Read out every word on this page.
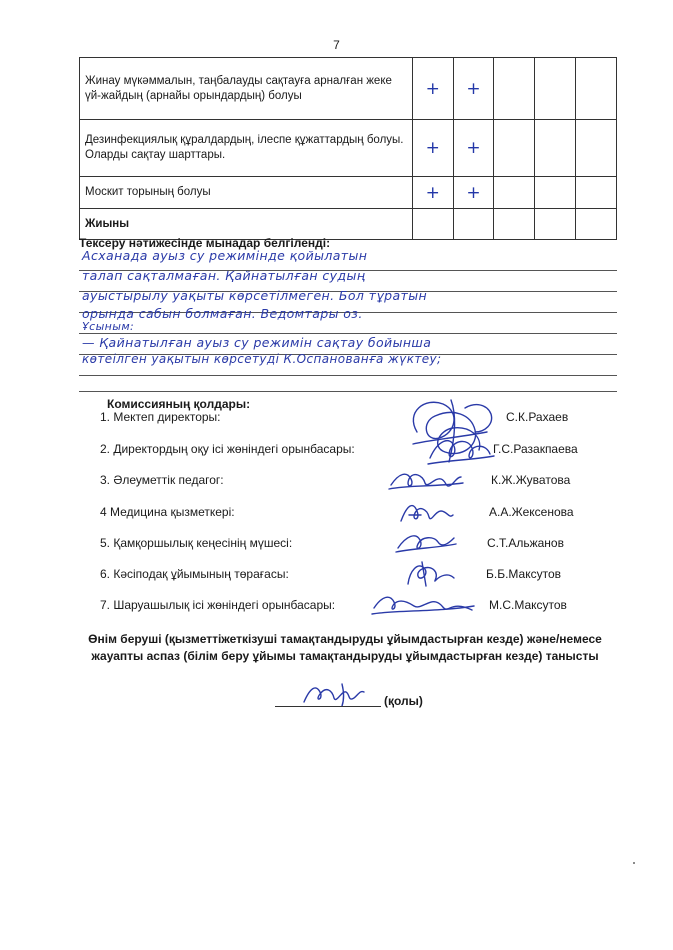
7
Жинау мүкәммалын, таңбалауды сақтауға арналған жеке үй-жайдың (арнайы орындардың) болуы	+	+			
Дезинфекциялық құралдардың, ілеспе құжаттардың болуы. Оларды сақтау шарттары.	+	+			
Москит торының болуы	+	+			
Жиыны					
Тексеру нәтижесінде мынадар белгіленді:
Асханада ауыз су режимінде қойылатын
талап сақталмаған. Қайнатылған судың
ауыстырылу уақыты көрсетілмеген. Бол тұратын
орында сабын болмаған. Ведомтары оз.
Ұсыным:
— Қайнатылған ауыз су режимін сақтау бойынша
көтеілген уақытын көрсетуді К.Оспанованға жүктеу;
Комиссияның қолдары:
1. Мектеп директоры:	С.К.Рахаев
2. Директордың оқу ісі жөніндегі орынбасары:	Г.С.Разакпаева
3. Әлеуметтік педагог:	К.Ж.Жуватова
4 Медицина қызметкері:	А.А.Жексенова
5. Қамқоршылық кеңесінің мүшесі:	С.Т.Альжанов
6. Кәсіподақ ұйымының төрағасы:	Б.Б.Максутов
7. Шаруашылық ісі жөніндегі орынбасары:	М.С.Максутов
Өнім беруші (қызметтіжеткізуші тамақтандыруды ұйымдастырған кезде) және/немесе
жауапты аспаз (білім беру ұйымы тамақтандыруды ұйымдастырған кезде) танысты
(қолы)
